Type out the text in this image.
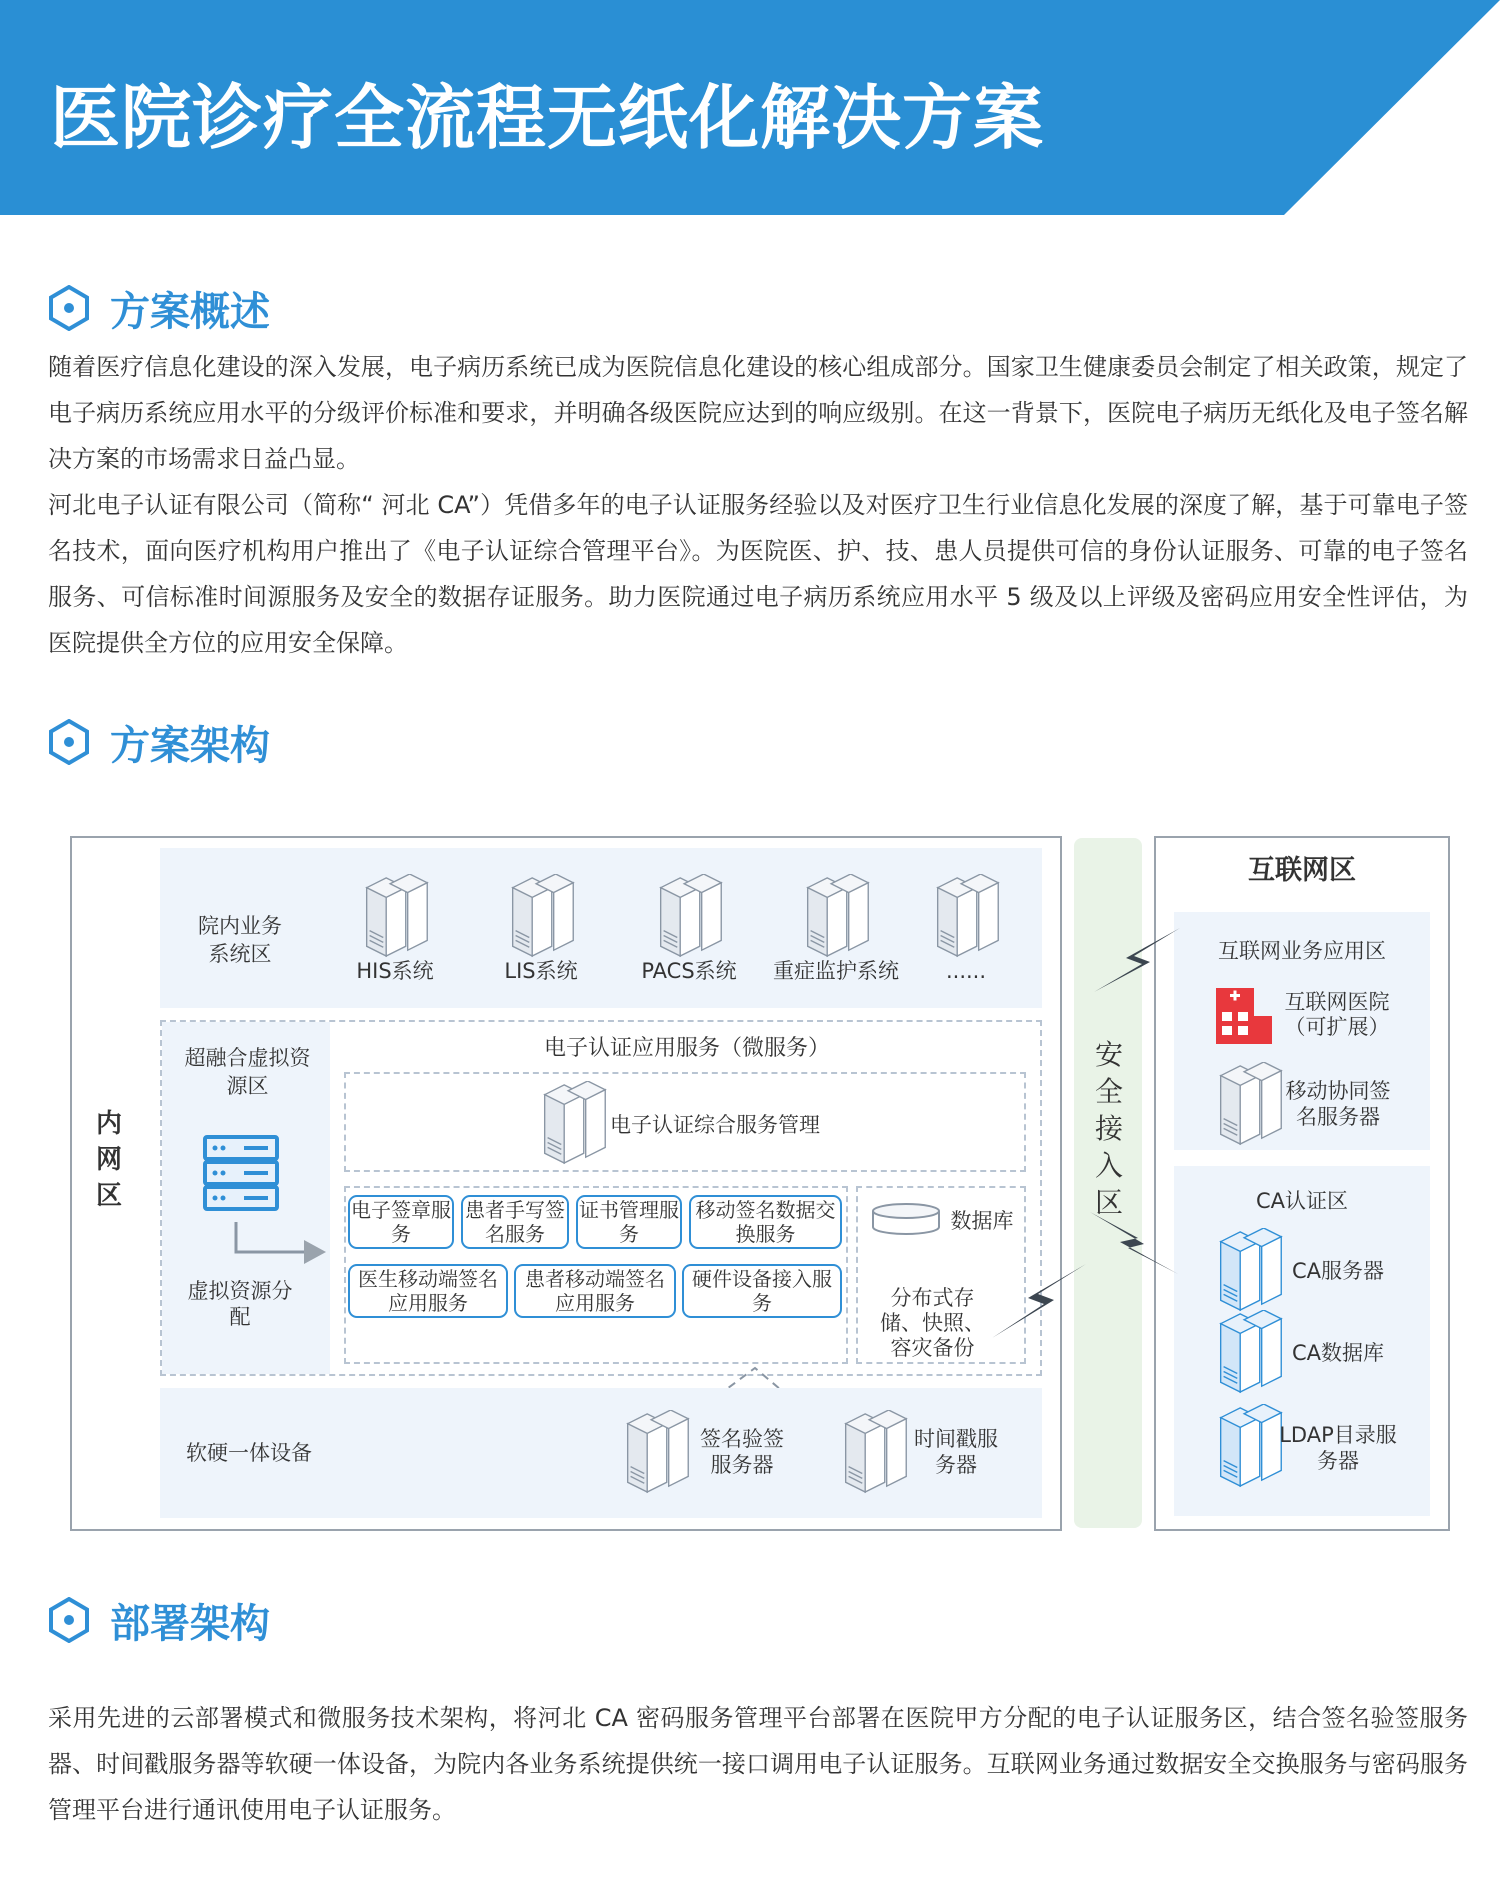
医院诊疗全流程无纸化解决方案
方案概述

随着医疗信息化建设的深入发展，电子病历系统已成为医院信息化建设的核心组成部分。国家卫生健康委员会制定了相关政策，规定了电子病历系统应用水平的分级评价标准和要求，并明确各级医院应达到的响应级别。在这一背景下，医院电子病历无纸化及电子签名解决方案的市场需求日益凸显。

河北电子认证有限公司（简称“ 河北 CA”）凭借多年的电子认证服务经验以及对医疗卫生行业信息化发展的深度了解，基于可靠电子签名技术，面向医疗机构用户推出了《电子认证综合管理平台》。为医院医、护、技、患人员提供可信的身份认证服务、可靠的电子签名服务、可信标准时间源服务及安全的数据存证服务。助力医院通过电子病历系统应用水平 5 级及以上评级及密码应用安全性评估，为医院提供全方位的应用安全保障。

方案架构
内网区
院内业务系统区
HIS系统	LIS系统	PACS系统	重症监护系统	......
超融合虚拟资源区
虚拟资源分配
电子认证应用服务（微服务）
电子认证综合服务管理
电子签章服务
患者手写签名服务
证书管理服务
移动签名数据交换服务
医生移动端签名应用服务
患者移动端签名应用服务
硬件设备接入服务
数据库
分布式存储、快照、容灾备份
软硬一体设备
签名验签服务器
时间戳服务器
安全接入区
互联网区
互联网业务应用区
互联网医院（可扩展）
移动协同签名服务器
CA认证区
CA服务器
CA数据库
LDAP目录服务器
部署架构

采用先进的云部署模式和微服务技术架构，将河北 CA 密码服务管理平台部署在医院甲方分配的电子认证服务区，结合签名验签服务器、时间戳服务器等软硬一体设备，为院内各业务系统提供统一接口调用电子认证服务。互联网业务通过数据安全交换服务与密码服务管理平台进行通讯使用电子认证服务。
